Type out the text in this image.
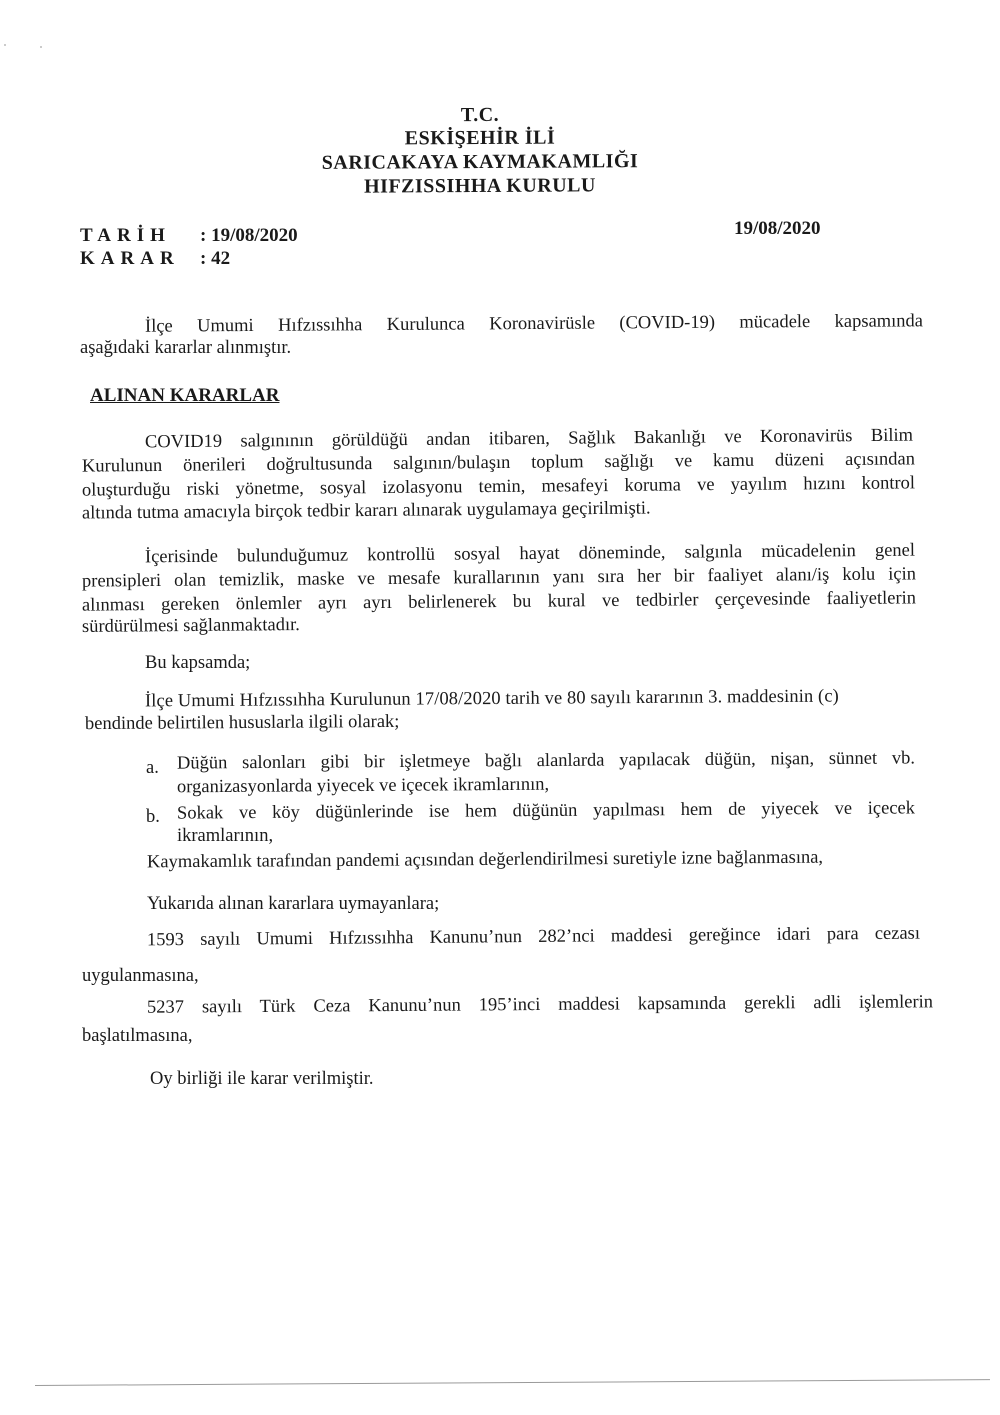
T.C.
ESKİŞEHİR İLİ
SARICAKAYA KAYMAKAMLIĞI
HIFZISSIHHA KURULU
TARİH : 19/08/2020
KARAR : 42
19/08/2020
İlçe Umumi Hıfzıssıhha Kurulunca Koronavirüsle (COVID-19) mücadele kapsamında
aşağıdaki kararlar alınmıştır.
ALINAN KARARLAR
COVID19 salgınının görüldüğü andan itibaren, Sağlık Bakanlığı ve Koronavirüs Bilim
Kurulunun önerileri doğrultusunda salgının/bulaşın toplum sağlığı ve kamu düzeni açısından
oluşturduğu riski yönetme, sosyal izolasyonu temin, mesafeyi koruma ve yayılım hızını kontrol
altında tutma amacıyla birçok tedbir kararı alınarak uygulamaya geçirilmişti.
İçerisinde bulunduğumuz kontrollü sosyal hayat döneminde, salgınla mücadelenin genel
prensipleri olan temizlik, maske ve mesafe kurallarının yanı sıra her bir faaliyet alanı/iş kolu için
alınması gereken önlemler ayrı ayrı belirlenerek bu kural ve tedbirler çerçevesinde faaliyetlerin
sürdürülmesi sağlanmaktadır.
Bu kapsamda;
İlçe Umumi Hıfzıssıhha Kurulunun 17/08/2020 tarih ve 80 sayılı kararının 3. maddesinin (c)
bendinde belirtilen hususlarla ilgili olarak;
a. Düğün salonları gibi bir işletmeye bağlı alanlarda yapılacak düğün, nişan, sünnet vb.
organizasyonlarda yiyecek ve içecek ikramlarının,
b. Sokak ve köy düğünlerinde ise hem düğünün yapılması hem de yiyecek ve içecek
ikramlarının,
Kaymakamlık tarafından pandemi açısından değerlendirilmesi suretiyle izne bağlanmasına,
Yukarıda alınan kararlara uymayanlara;
1593 sayılı Umumi Hıfzıssıhha Kanunu’nun 282’nci maddesi gereğince idari para cezası
uygulanmasına,
5237 sayılı Türk Ceza Kanunu’nun 195’inci maddesi kapsamında gerekli adli işlemlerin
başlatılmasına,
Oy birliği ile karar verilmiştir.
